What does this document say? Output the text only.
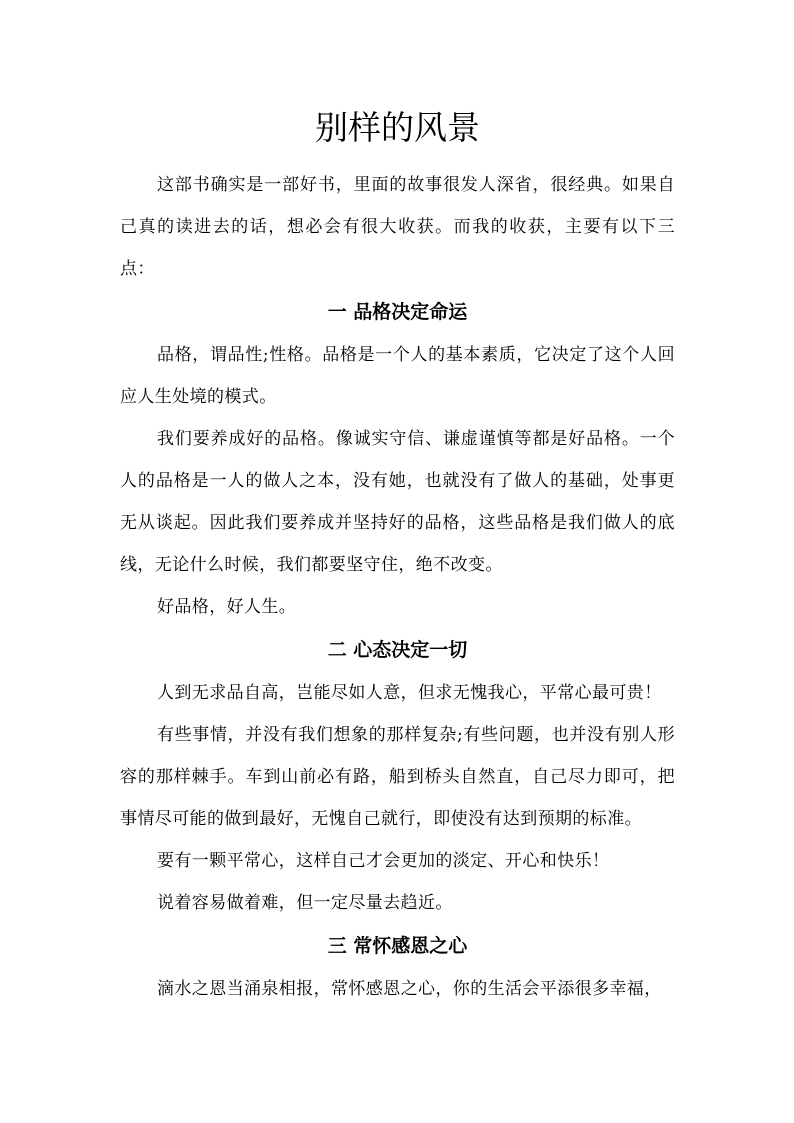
别样的风景

这部书确实是一部好书，里面的故事很发人深省，很经典。如果自己真的读进去的话，想必会有很大收获。而我的收获，主要有以下三点：

一 品格决定命运

品格，谓品性;性格。品格是一个人的基本素质，它决定了这个人回应人生处境的模式。

我们要养成好的品格。像诚实守信、谦虚谨慎等都是好品格。一个人的品格是一人的做人之本，没有她，也就没有了做人的基础，处事更无从谈起。因此我们要养成并坚持好的品格，这些品格是我们做人的底线，无论什么时候，我们都要坚守住，绝不改变。

好品格，好人生。

二 心态决定一切

人到无求品自高，岂能尽如人意，但求无愧我心，平常心最可贵！

有些事情，并没有我们想象的那样复杂;有些问题，也并没有别人形容的那样棘手。车到山前必有路，船到桥头自然直，自己尽力即可，把事情尽可能的做到最好，无愧自己就行，即使没有达到预期的标准。

要有一颗平常心，这样自己才会更加的淡定、开心和快乐！

说着容易做着难，但一定尽量去趋近。

三 常怀感恩之心

滴水之恩当涌泉相报，常怀感恩之心，你的生活会平添很多幸福，
